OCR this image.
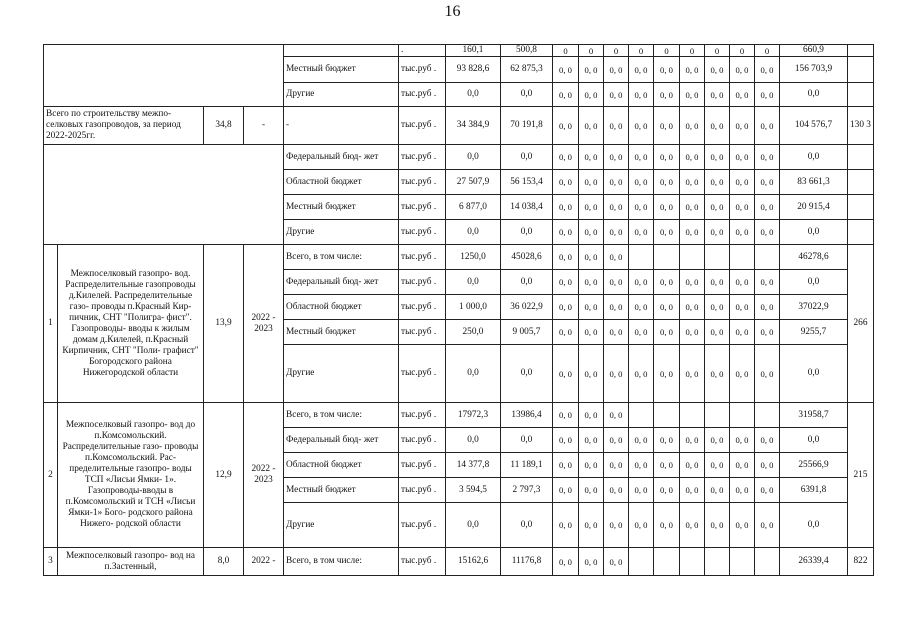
16
					.	160,1	500,8	0	0	0	0	0	0	0	0	0	660,9	
				Местный бюджет	тыс.руб .	93 828,6	62 875,3	0, 0	0, 0	0, 0	0, 0	0, 0	0, 0	0, 0	0, 0	0, 0	156 703,9	
				Другие	тыс.руб .	0,0	0,0	0, 0	0, 0	0, 0	0, 0	0, 0	0, 0	0, 0	0, 0	0, 0	0,0	
Всего по строительству межпо- селковых газопроводов, за период 2022-2025гг.		34,8	-	-	тыс.руб .	34 384,9	70 191,8	0, 0	0, 0	0, 0	0, 0	0, 0	0, 0	0, 0	0, 0	0, 0	104 576,7	130 3
				Федеральный бюд- жет	тыс.руб .	0,0	0,0	0, 0	0, 0	0, 0	0, 0	0, 0	0, 0	0, 0	0, 0	0, 0	0,0	
				Областной бюджет	тыс.руб .	27 507,9	56 153,4	0, 0	0, 0	0, 0	0, 0	0, 0	0, 0	0, 0	0, 0	0, 0	83 661,3	
				Местный бюджет	тыс.руб .	6 877,0	14 038,4	0, 0	0, 0	0, 0	0, 0	0, 0	0, 0	0, 0	0, 0	0, 0	20 915,4	
				Другие	тыс.руб .	0,0	0,0	0, 0	0, 0	0, 0	0, 0	0, 0	0, 0	0, 0	0, 0	0, 0	0,0	
1	Межпоселковый газопро- вод. Распределительные газопроводы д.Килелей. Распределительные газо- проводы п.Красный Кир- пичник, СНТ "Полигра- фист". Газопроводы- вводы к жилым домам д.Килелей, п.Красный Кирпичник, СНТ "Поли- графист" Богородского района Нижегородской области	13,9	2022 - 2023	Всего, в том числе:	тыс.руб .	1250,0	45028,6	0, 0	0, 0	0, 0							46278,6	266
				Федеральный бюд- жет	тыс.руб .	0,0	0,0	0, 0	0, 0	0, 0	0, 0	0, 0	0, 0	0, 0	0, 0	0, 0	0,0	
				Областной бюджет	тыс.руб .	1 000,0	36 022,9	0, 0	0, 0	0, 0	0, 0	0, 0	0, 0	0, 0	0, 0	0, 0	37022,9	
				Местный бюджет	тыс.руб .	250,0	9 005,7	0, 0	0, 0	0, 0	0, 0	0, 0	0, 0	0, 0	0, 0	0, 0	9255,7	
				Другие	тыс.руб .	0,0	0,0	0, 0	0, 0	0, 0	0, 0	0, 0	0, 0	0, 0	0, 0	0, 0	0,0	
2	Межпоселковый газопро- вод до п.Комсомольский. Распределительные газо- проводы п.Комсомольский. Рас- пределительные газопро- воды ТСП «Лисьи Ямки- 1». Газопроводы-вводы в п.Комсомольский и ТСН «Лисьи Ямки-1» Бого- родского района Нижего- родской области	12,9	2022 - 2023	Всего, в том числе:	тыс.руб .	17972,3	13986,4	0, 0	0, 0	0, 0							31958,7	215
				Федеральный бюд- жет	тыс.руб .	0,0	0,0	0, 0	0, 0	0, 0	0, 0	0, 0	0, 0	0, 0	0, 0	0, 0	0,0	
				Областной бюджет	тыс.руб .	14 377,8	11 189,1	0, 0	0, 0	0, 0	0, 0	0, 0	0, 0	0, 0	0, 0	0, 0	25566,9	
				Местный бюджет	тыс.руб .	3 594,5	2 797,3	0, 0	0, 0	0, 0	0, 0	0, 0	0, 0	0, 0	0, 0	0, 0	6391,8	
				Другие	тыс.руб .	0,0	0,0	0, 0	0, 0	0, 0	0, 0	0, 0	0, 0	0, 0	0, 0	0, 0	0,0	
3	Межпоселковый газопро- вод на п.Застенный,	8,0	2022 -	Всего, в том числе:	тыс.руб .	15162,6	11176,8	0, 0	0, 0	0, 0							26339,4	822
